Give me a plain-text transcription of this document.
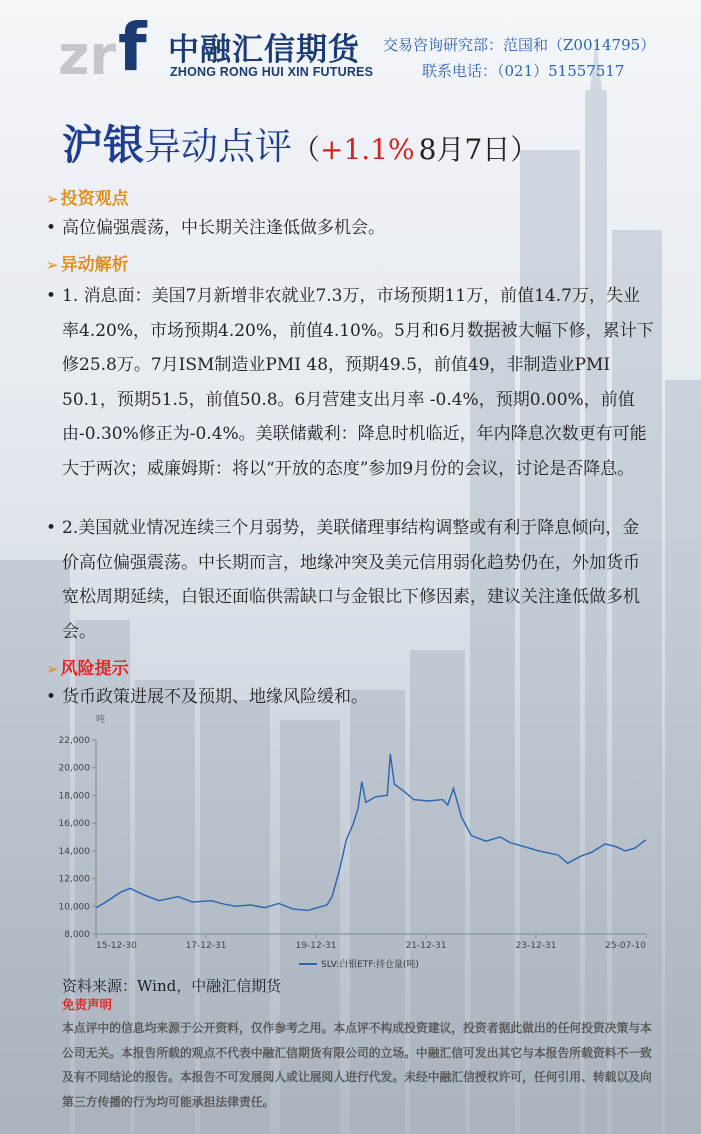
zr f 中融汇信期货
ZHONG RONG HUI XIN FUTURES
交易咨询研究部：范国和（Z0014795）
联系电话：（021）51557517
沪银异动点评（+1.1% 8月7日）
➢ 投资观点
• 高位偏强震荡，中长期关注逢低做多机会。
➢ 异动解析
• 1. 消息面：美国7月新增非农就业7.3万，市场预期11万，前值14.7万，失业率4.20%，市场预期4.20%，前值4.10%。5月和6月数据被大幅下修，累计下修25.8万。7月ISM制造业PMI 48，预期49.5，前值49，非制造业PMI 50.1，预期51.5，前值50.8。6月营建支出月率 -0.4%，预期0.00%，前值由-0.30%修正为-0.4%。美联储戴利：降息时机临近，年内降息次数更有可能大于两次；威廉姆斯：将以“开放的态度”参加9月份的会议，讨论是否降息。
• 2.美国就业情况连续三个月弱势，美联储理事结构调整或有利于降息倾向，金价高位偏强震荡。中长期而言，地缘冲突及美元信用弱化趋势仍在，外加货币宽松周期延续，白银还面临供需缺口与金银比下修因素，建议关注逢低做多机会。
➢ 风险提示
• 货币政策进展不及预期、地缘风险缓和。
吨
8,000
10,000
12,000
14,000
16,000
18,000
20,000
22,000
15-12-30	17-12-31	19-12-31	21-12-31	23-12-31	25-07-10
SLV:白银ETF:持仓量(吨)
资料来源：Wind，中融汇信期货
免责声明
本点评中的信息均来源于公开资料，仅作参考之用。本点评不构成投资建议，投资者据此做出的任何投资决策与本公司无关。本报告所载的观点不代表中融汇信期货有限公司的立场。中融汇信可发出其它与本报告所载资料不一致及有不同结论的报告。本报告不可发展阅人或让展阅人进行代发。未经中融汇信授权许可，任何引用、转载以及向第三方传播的行为均可能承担法律责任。
